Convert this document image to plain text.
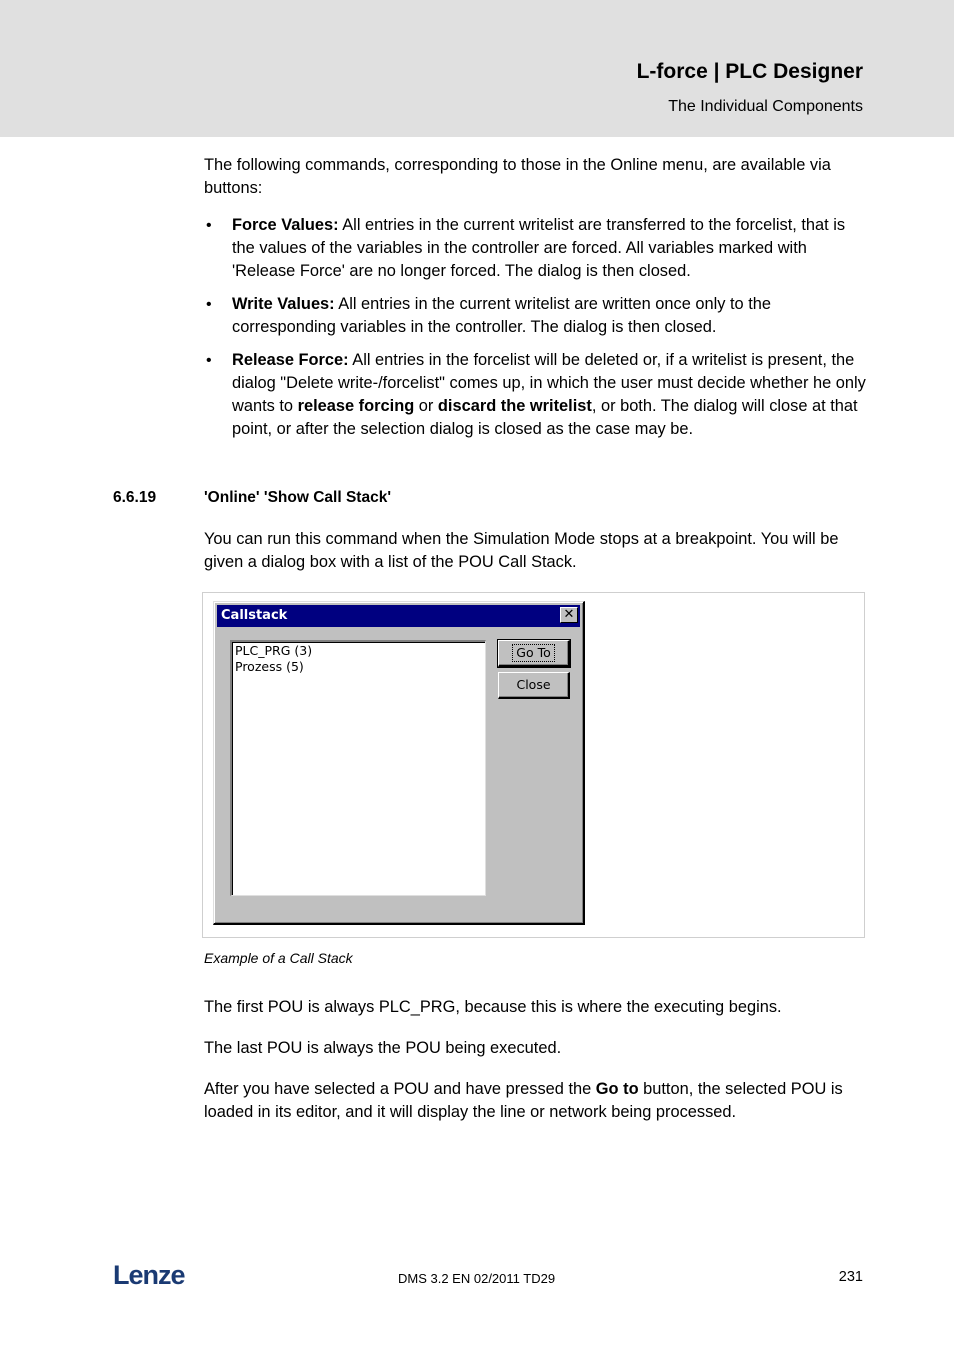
L-force | PLC Designer
The Individual Components
The following commands, corresponding to those in the Online menu, are available via buttons:
• Force Values: All entries in the current writelist are transferred to the forcelist, that is the values of the variables in the controller are forced. All variables marked with 'Release Force' are no longer forced. The dialog is then closed.
• Write Values: All entries in the current writelist are written once only to the corresponding variables in the controller. The dialog is then closed.
• Release Force: All entries in the forcelist will be deleted or, if a writelist is present, the dialog "Delete write-/forcelist" comes up, in which the user must decide whether he only wants to release forcing or discard the writelist, or both. The dialog will close at that point, or after the selection dialog is closed as the case may be.
6.6.19	'Online' 'Show Call Stack'
You can run this command when the Simulation Mode stops at a breakpoint. You will be given a dialog box with a list of the POU Call Stack.
Callstack	✕
PLC_PRG (3)
Prozess (5)
Go To
Close
Example of a Call Stack
The first POU is always PLC_PRG, because this is where the executing begins.
The last POU is always the POU being executed.
After you have selected a POU and have pressed the Go to button, the selected POU is loaded in its editor, and it will display the line or network being processed.
Lenze	DMS 3.2 EN 02/2011 TD29	231
